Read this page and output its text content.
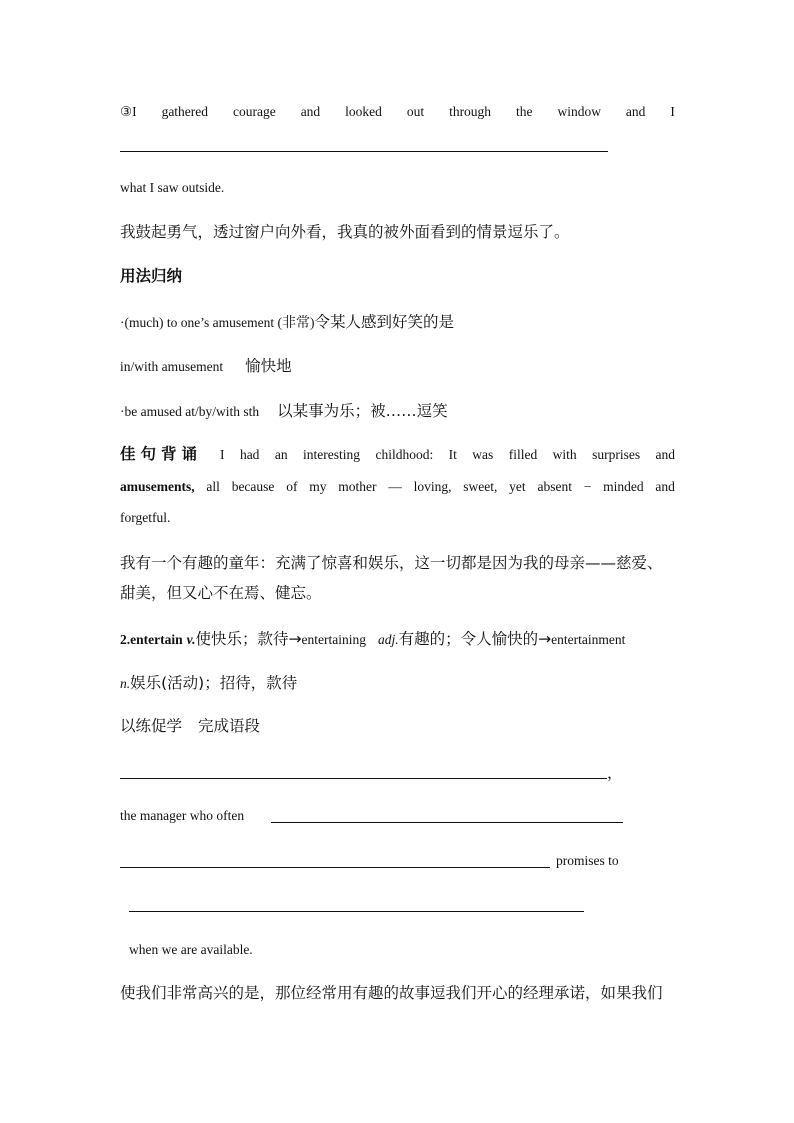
③I gathered courage and looked out through the window and I
what I saw outside.
我鼓起勇气，透过窗户向外看，我真的被外面看到的情景逗乐了。
用法归纳
·(much) to one’s amusement (非常)令某人感到好笑的是
in/with amusement 愉快地
·be amused at/by/with sth 以某事为乐；被……逗笑
佳句背诵 I had an interesting childhood: It was filled with surprises and
amusements, all because of my mother — loving, sweet, yet absent − minded and
forgetful.
我有一个有趣的童年：充满了惊喜和娱乐，这一切都是因为我的母亲——慈爱、
甜美，但又心不在焉、健忘。
2.entertain v.使快乐；款待→entertaining adj.有趣的；令人愉快的→entertainment
n.娱乐(活动)；招待，款待
以练促学 完成语段
，
the manager who often
promises to
when we are available.
使我们非常高兴的是，那位经常用有趣的故事逗我们开心的经理承诺，如果我们
